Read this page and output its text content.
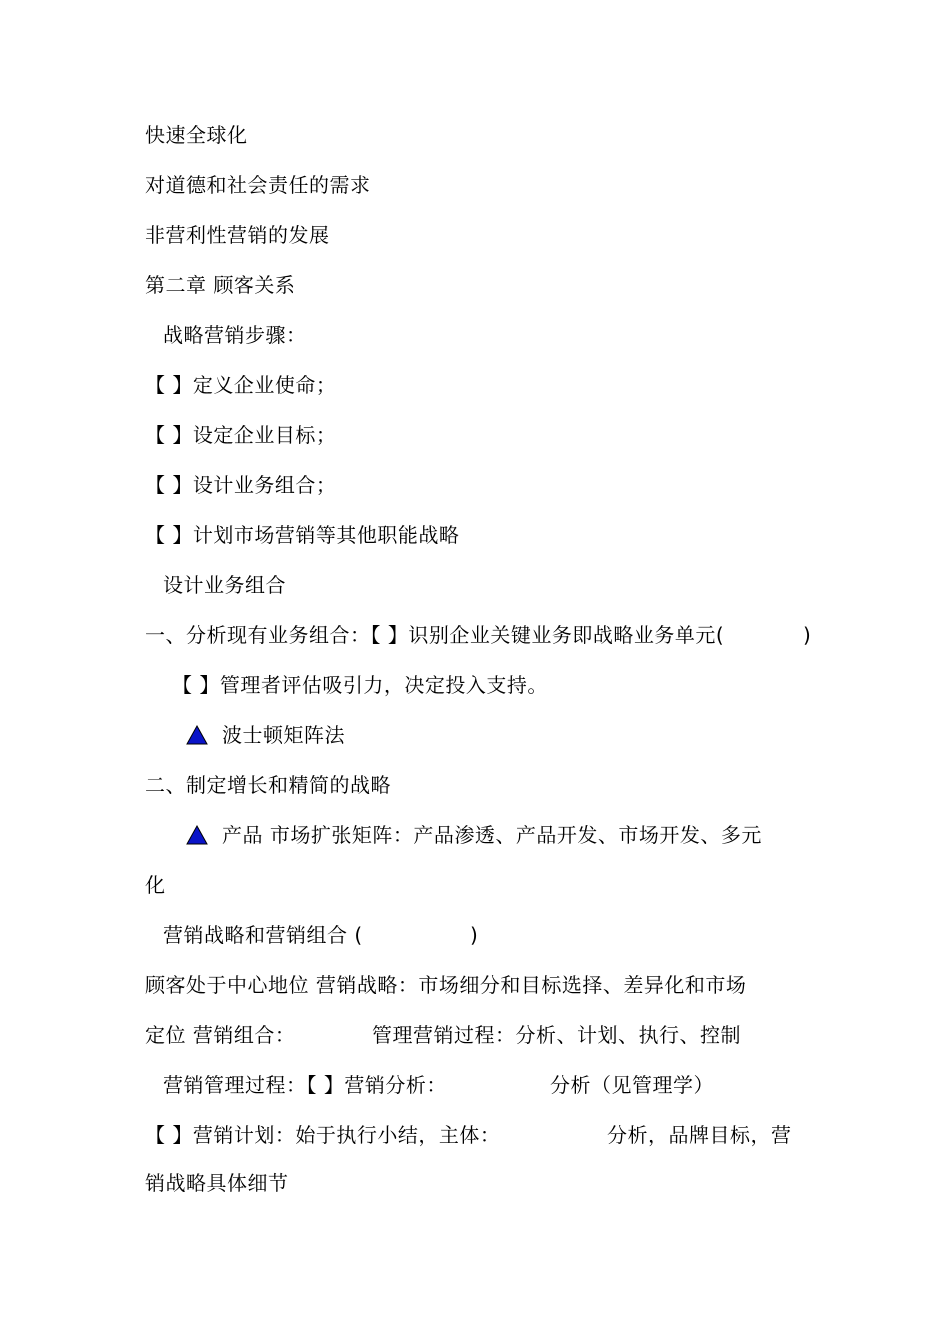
快速全球化
对道德和社会责任的需求
非营利性营销的发展
第二章 顾客关系
战略营销步骤：
【 】定义企业使命；
【 】设定企业目标；
【 】设计业务组合；
【 】计划市场营销等其他职能战略
设计业务组合
一、分析现有业务组合：【 】识别企业关键业务即战略业务单元(	)
【 】管理者评估吸引力，决定投入支持。
波士顿矩阵法
二、制定增长和精简的战略
产品 市场扩张矩阵：产品渗透、产品开发、市场开发、多元
化
营销战略和营销组合 (	)
顾客处于中心地位 营销战略：市场细分和目标选择、差异化和市场
定位 营销组合：	管理营销过程：分析、计划、执行、控制
营销管理过程：【 】营销分析：	分析（见管理学）
【 】营销计划：始于执行小结，主体：	分析，品牌目标，营
销战略具体细节
